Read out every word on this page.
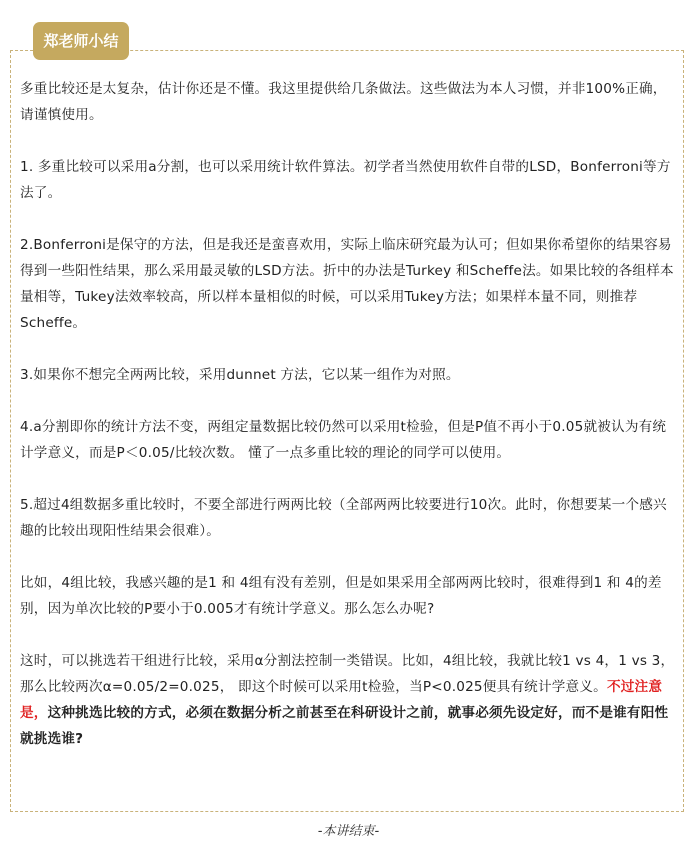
郑老师小结

多重比较还是太复杂，估计你还是不懂。我这里提供给几条做法。这些做法为本人习惯，并非100%正确，请谨慎使用。

1. 多重比较可以采用a分割，也可以采用统计软件算法。初学者当然使用软件自带的LSD，Bonferroni等方法了。

2.Bonferroni是保守的方法，但是我还是蛮喜欢用，实际上临床研究最为认可；但如果你希望你的结果容易得到一些阳性结果，那么采用最灵敏的LSD方法。折中的办法是Turkey 和Scheffe法。如果比较的各组样本量相等，Tukey法效率较高，所以样本量相似的时候，可以采用Tukey方法；如果样本量不同，则推荐Scheffe。

3.如果你不想完全两两比较，采用dunnet 方法，它以某一组作为对照。

4.a分割即你的统计方法不变，两组定量数据比较仍然可以采用t检验，但是P值不再小于0.05就被认为有统计学意义，而是P＜0.05/比较次数。 懂了一点多重比较的理论的同学可以使用。

5.超过4组数据多重比较时，不要全部进行两两比较（全部两两比较要进行10次。此时，你想要某一个感兴趣的比较出现阳性结果会很难）。

比如，4组比较，我感兴趣的是1 和 4组有没有差别，但是如果采用全部两两比较时，很难得到1 和 4的差别，因为单次比较的P要小于0.005才有统计学意义。那么怎么办呢?

这时，可以挑选若干组进行比较，采用α分割法控制一类错误。比如，4组比较，我就比较1 vs 4，1 vs 3，那么比较两次α=0.05/2=0.025， 即这个时候可以采用t检验，当P<0.025便具有统计学意义。不过注意是，这种挑选比较的方式，必须在数据分析之前甚至在科研设计之前，就事必须先设定好，而不是谁有阳性就挑选谁?

-本讲结束-
